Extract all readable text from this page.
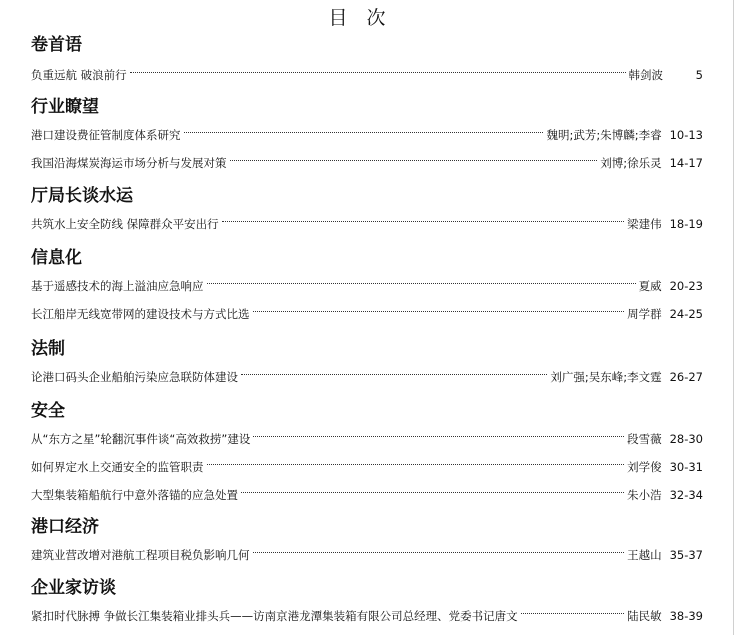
目　次
卷首语
负重远航 破浪前行	韩剑波	5
行业瞭望
港口建设费征管制度体系研究	魏明;武芳;朱博麟;李睿 10-13
我国沿海煤炭海运市场分析与发展对策	刘博;徐乐灵 14-17
厅局长谈水运
共筑水上安全防线 保障群众平安出行	梁建伟 18-19
信息化
基于遥感技术的海上溢油应急响应	夏威 20-23
长江船岸无线宽带网的建设技术与方式比选	周学群 24-25
法制
论港口码头企业船舶污染应急联防体建设	刘广强;吴东峰;李文霆 26-27
安全
从“东方之星”轮翻沉事件谈“高效救捞”建设	段雪薇 28-30
如何界定水上交通安全的监管职责	刘学俊 30-31
大型集装箱船航行中意外落锚的应急处置	朱小浩 32-34
港口经济
建筑业营改增对港航工程项目税负影响几何	王越山 35-37
企业家访谈
紧扣时代脉搏 争做长江集装箱业排头兵——访南京港龙潭集装箱有限公司总经理、党委书记唐文	陆民敏 38-39
